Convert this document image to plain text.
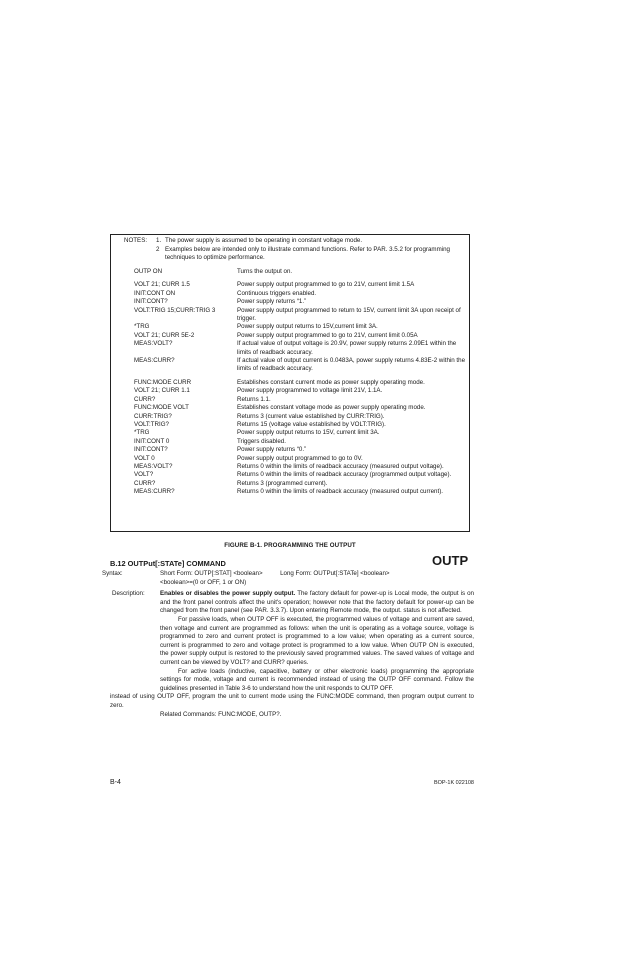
NOTES: 1. The power supply is assumed to be operating in constant voltage mode.
2 Examples below are intended only to illustrate command functions. Refer to PAR. 3.5.2 for programming techniques to optimize performance.
OUTP ON	Turns the output on.
VOLT 21; CURR 1.5	Power supply output programmed to go to 21V, current limit 1.5A
INIT:CONT ON	Continuous triggers enabled.
INIT:CONT?	Power supply returns “1.”
VOLT:TRIG 15;CURR:TRIG 3	Power supply output programmed to return to 15V, current limit 3A upon receipt of trigger.
*TRG	Power supply output returns to 15V,current limit 3A.
VOLT 21; CURR 5E-2	Power supply output programmed to go to 21V, current limit 0.05A
MEAS:VOLT?	If actual value of output voltage is 20.9V, power supply returns 2.09E1 within the limits of readback accuracy.
MEAS:CURR?	If actual value of output current is 0.0483A, power supply returns 4.83E-2 within the limits of readback accuracy.
FUNC:MODE CURR	Establishes constant current mode as power supply operating mode.
VOLT 21; CURR 1.1	Power supply programmed to voltage limit 21V, 1.1A.
CURR?	Returns 1.1.
FUNC:MODE VOLT	Establishes constant voltage mode as power supply operating mode.
CURR:TRIG?	Returns 3 (current value established by CURR:TRIG).
VOLT:TRIG?	Returns 15 (voltage value established by VOLT:TRIG).
*TRG	Power supply output returns to 15V, current limit 3A.
INIT:CONT 0	Triggers disabled.
INIT:CONT?	Power supply returns “0.”
VOLT 0	Power supply output programmed to go to 0V.
MEAS:VOLT?	Returns 0 within the limits of readback accuracy (measured output voltage).
VOLT?	Returns 0 within the limits of readback accuracy (programmed output voltage).
CURR?	Returns 3 (programmed current).
MEAS:CURR?	Returns 0 within the limits of readback accuracy (measured output current).
FIGURE B-1. PROGRAMMING THE OUTPUT
B.12 OUTPut[:STATe] COMMAND	OUTP
Syntax:	Short Form: OUTP[:STAT] <boolean>	Long Form: OUTPut[:STATe] <boolean>
<boolean>=(0 or OFF, 1 or ON)
Description: Enables or disables the power supply output. The factory default for power-up is Local mode, the output is on and the front panel controls affect the unit's operation; however note that the factory default for power-up can be changed from the front panel (see PAR. 3.3.7). Upon entering Remote mode, the output. status is not affected.
For passive loads, when OUTP OFF is executed, the programmed values of voltage and current are saved, then voltage and current are programmed as follows: when the unit is operating as a voltage source, voltage is programmed to zero and current protect is programmed to a low value; when operating as a current source, current is programmed to zero and voltage protect is programmed to a low value. When OUTP ON is executed, the power supply output is restored to the previously saved programmed values. The saved values of voltage and current can be viewed by VOLT? and CURR? queries.
For active loads (inductive, capacitive, battery or other electronic loads) programming the appropriate settings for mode, voltage and current is recommended instead of using the OUTP OFF command. Follow the guidelines presented in Table 3-6 to understand how the unit responds to OUTP OFF.
instead of using OUTP OFF, program the unit to current mode using the FUNC:MODE command, then program output current to zero.
Related Commands: FUNC:MODE, OUTP?.
B-4	BOP-1K 022108
